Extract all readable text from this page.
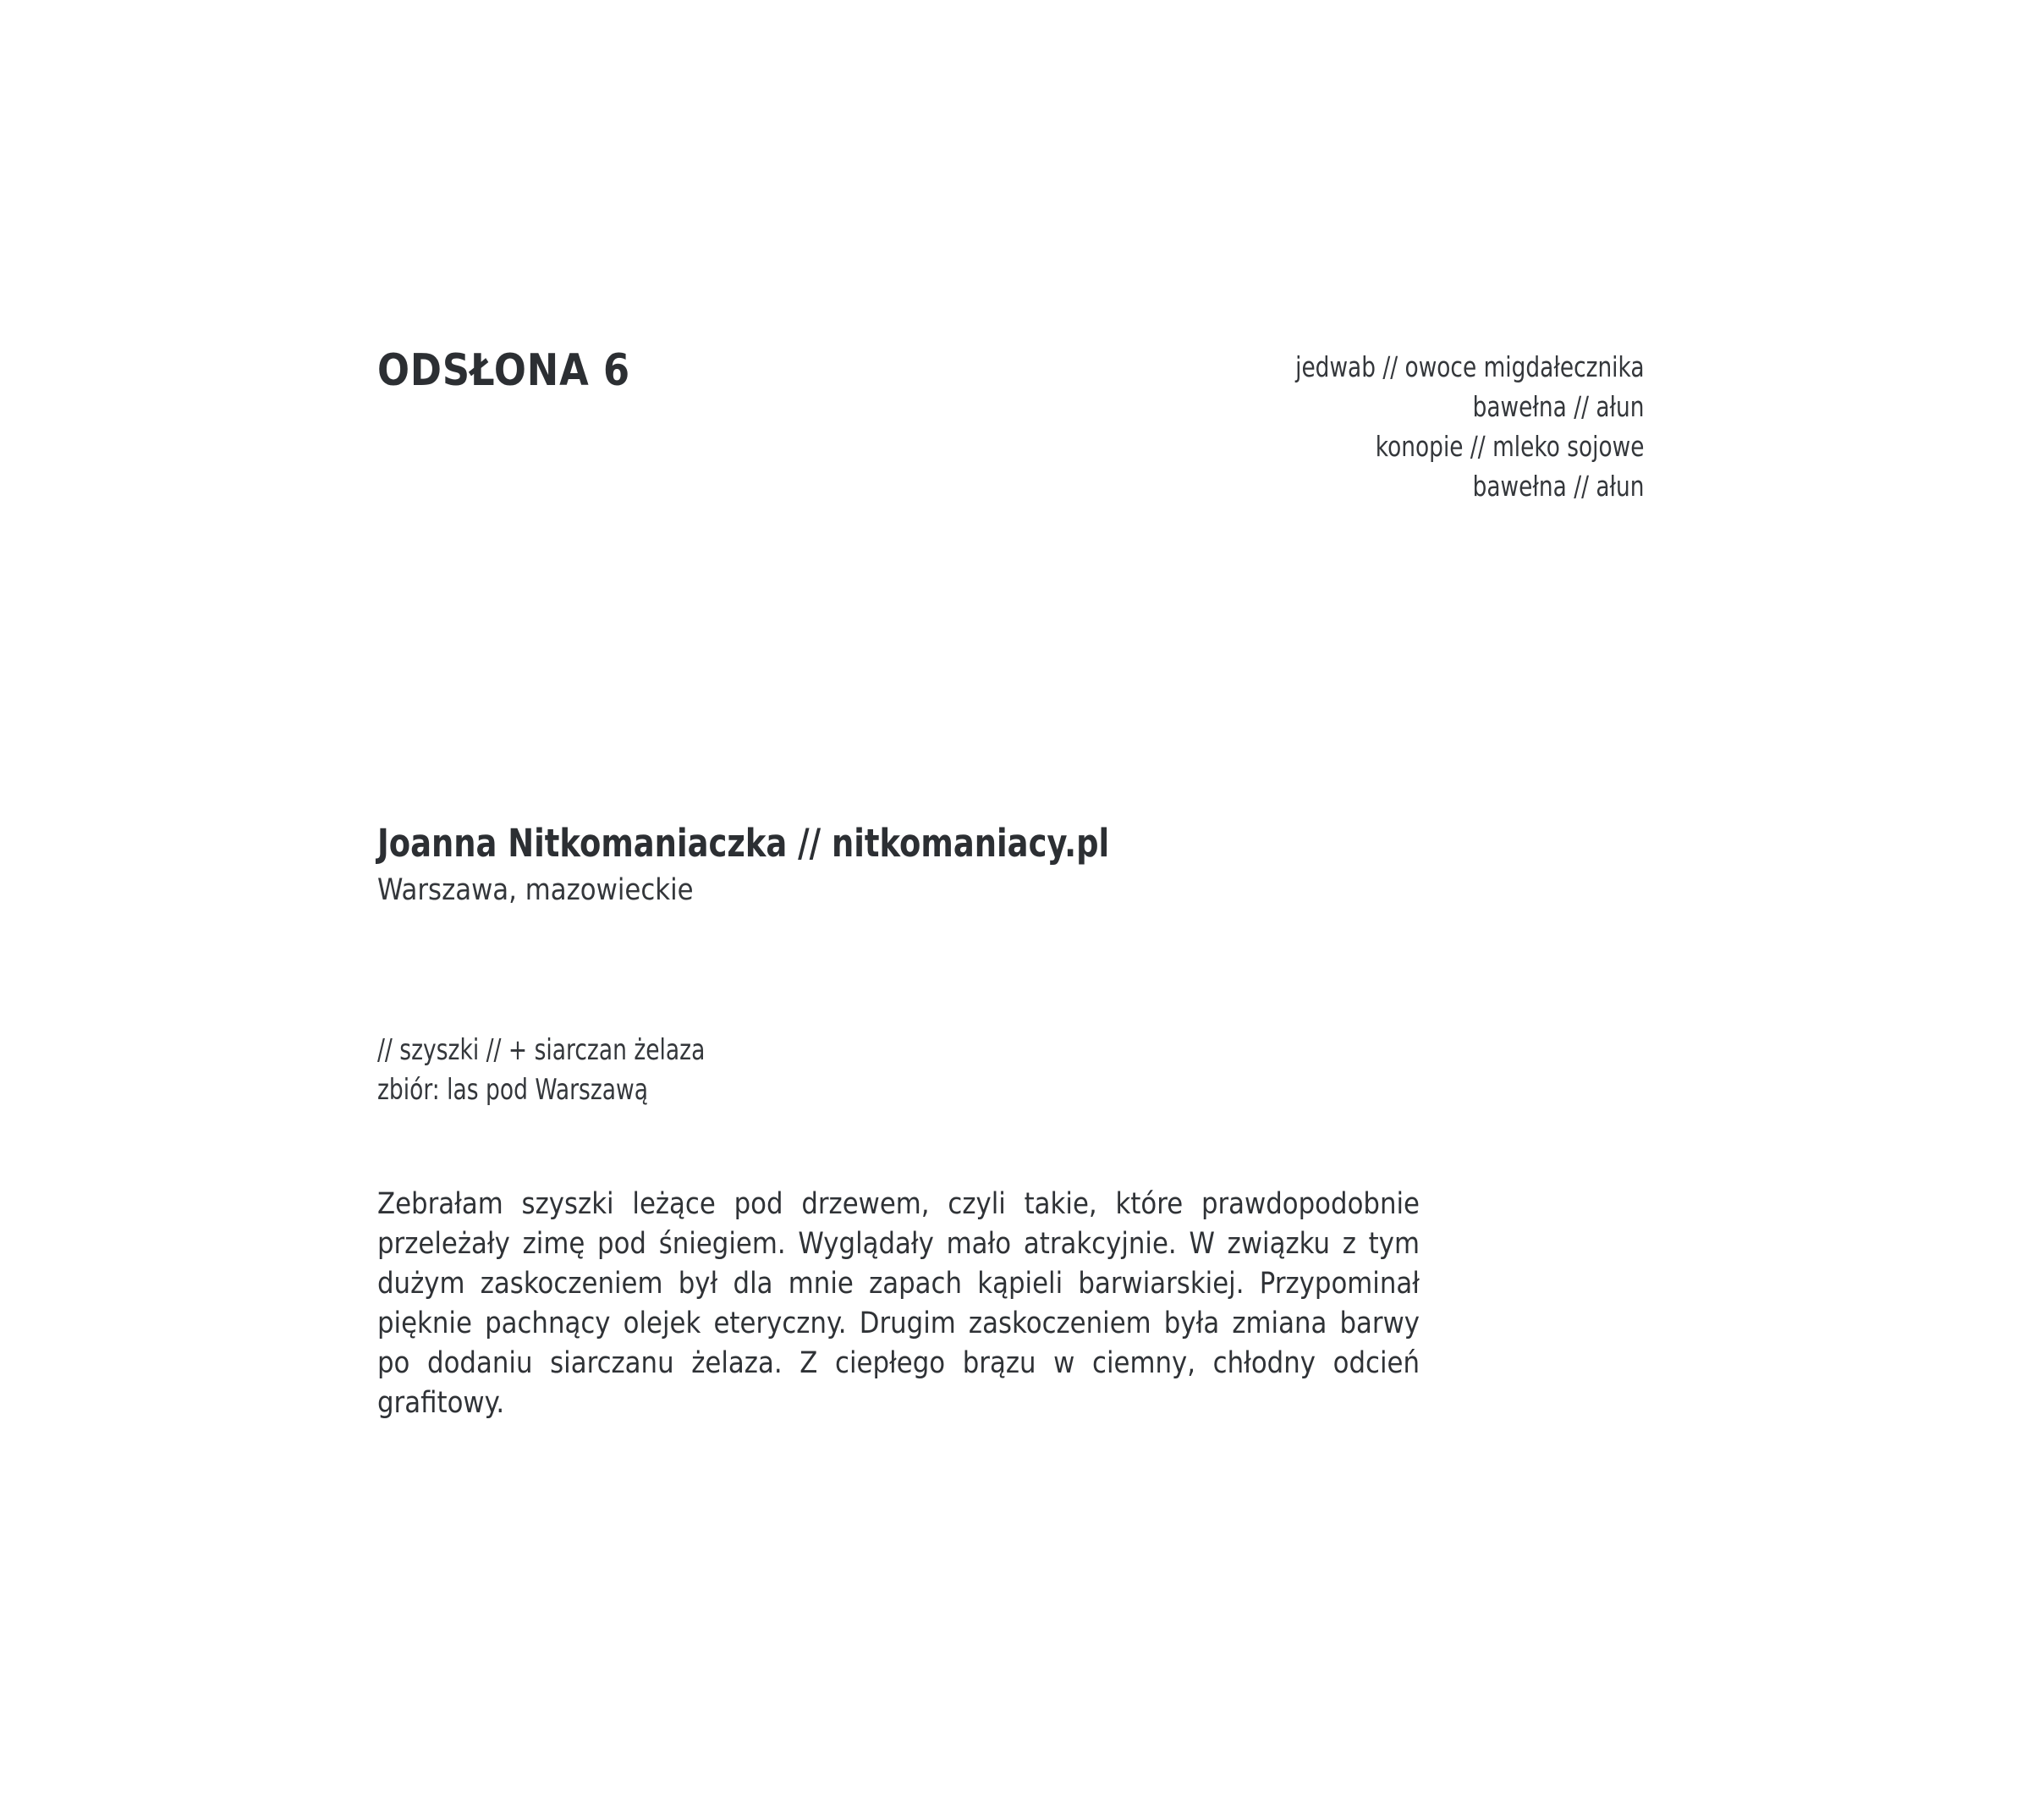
ODSŁONA 6	jedwab // owoce migdałecznika
bawełna // ałun
konopie // mleko sojowe
bawełna // ałun
Joanna Nitkomaniaczka // nitkomaniacy.pl
Warszawa, mazowieckie
// szyszki // + siarczan żelaza
zbiór: las pod Warszawą

Zebrałam szyszki leżące pod drzewem, czyli takie, które prawdopodobnie przeleżały zimę pod śniegiem. Wyglądały mało atrakcyjnie. W związku z tym dużym zaskoczeniem był dla mnie zapach kąpieli barwiarskiej. Przypominał pięknie pachnący olejek eteryczny. Drugim zaskoczeniem była zmiana barwy po dodaniu siarczanu żelaza. Z ciepłego brązu w ciemny, chłodny odcień grafitowy.
